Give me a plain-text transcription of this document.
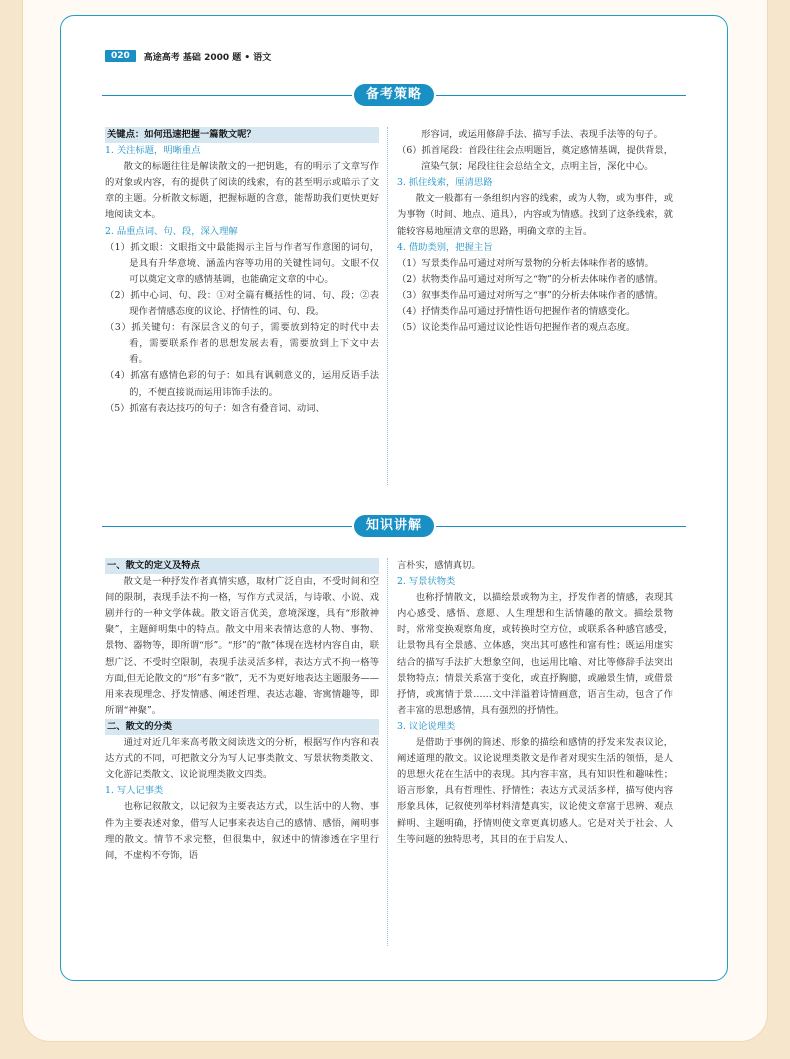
020	高途高考 基础 2000 题 • 语文
备考策略
关键点：如何迅速把握一篇散文呢？
1. 关注标题，明晰重点

散文的标题往往是解读散文的一把钥匙，有的明示了文章写作的对象或内容，有的提供了阅读的线索，有的甚至明示或暗示了文章的主题。分析散文标题，把握标题的含意，能帮助我们更快更好地阅读文本。

2. 品重点词、句、段，深入理解

（1）抓文眼：文眼指文中最能揭示主旨与作者写作意图的词句，是具有升华意境、涵盖内容等功用的关键性词句。文眼不仅可以奠定文章的感情基调，也能确定文章的中心。

（2）抓中心词、句、段：①对全篇有概括性的词、句、段；②表现作者情感态度的议论、抒情性的词、句、段。

（3）抓关键句：有深层含义的句子，需要放到特定的时代中去看，需要联系作者的思想发展去看，需要放到上下文中去看。

（4）抓富有感情色彩的句子：如具有讽刺意义的，运用反语手法的，不便直接说而运用讳饰手法的。

（5）抓富有表达技巧的句子：如含有叠音词、动词、

形容词，或运用修辞手法、描写手法、表现手法等的句子。

（6）抓首尾段：首段往往会点明题旨，奠定感情基调，提供背景，渲染气氛；尾段往往会总结全文，点明主旨，深化中心。

3. 抓住线索，厘清思路

散文一般都有一条组织内容的线索，或为人物，或为事件，或为事物（时间、地点、道具），内容或为情感。找到了这条线索，就能较容易地厘清文章的思路，明确文章的主旨。

4. 借助类别，把握主旨

（1）写景类作品可通过对所写景物的分析去体味作者的感情。

（2）状物类作品可通过对所写之“物”的分析去体味作者的感情。

（3）叙事类作品可通过对所写之“事”的分析去体味作者的感情。

（4）抒情类作品可通过抒情性语句把握作者的情感变化。

（5）议论类作品可通过议论性语句把握作者的观点态度。

知识讲解
一、散文的定义及特点

散文是一种抒发作者真情实感，取材广泛自由，不受时间和空间的限制，表现手法不拘一格，写作方式灵活，与诗歌、小说、戏剧并行的一种文学体裁。散文语言优美，意境深邃，具有“形散神聚”，主题鲜明集中的特点。散文中用来表情达意的人物、事物、景物、器物等，即所谓“形”。“形”的“散”体现在选材内容自由，联想广泛、不受时空限制，表现手法灵活多样，表达方式不拘一格等方面,但无论散文的“形”有多“散”，无不为更好地表达主题服务——用来表现理念、抒发情感、阐述哲理、表达志趣、寄寓情趣等，即所谓“神聚”。

二、散文的分类

通过对近几年来高考散文阅读选文的分析，根据写作内容和表达方式的不同，可把散文分为写人记事类散文、写景状物类散文、文化游记类散文、议论说理类散文四类。

1. 写人记事类

也称记叙散文，以记叙为主要表达方式，以生活中的人物、事件为主要表述对象，借写人记事来表达自己的感情、感悟，阐明事理的散文。情节不求完整，但很集中，叙述中的情渗透在字里行间，不虚构不夸饰，语

言朴实，感情真切。

2. 写景状物类

也称抒情散文，以描绘景或物为主，抒发作者的情感，表现其内心感受、感悟、意愿、人生理想和生活情趣的散文。描绘景物时，常常变换观察角度，或转换时空方位，或联系各种感官感受，让景物具有全景感、立体感，突出其可感性和富有性；既运用虚实结合的描写手法扩大想象空间，也运用比喻、对比等修辞手法突出景物特点；情景关系富于变化，或直抒胸臆，或融景生情，或借景抒情，或寓情于景……文中洋溢着诗情画意，语言生动，包含了作者丰富的思想感情，具有强烈的抒情性。

3. 议论说理类

是借助于事例的简述、形象的描绘和感情的抒发来发表议论，阐述道理的散文。议论说理类散文是作者对现实生活的领悟，是人的思想火花在生活中的表现。其内容丰富，具有知识性和趣味性；语言形象，具有哲理性、抒情性；表达方式灵活多样，描写使内容形象具体，记叙使列举材料清楚真实，议论使文章富于思辨、观点鲜明、主题明确，抒情则使文章更真切感人。它是对关于社会、人生等问题的独特思考，其目的在于启发人、
